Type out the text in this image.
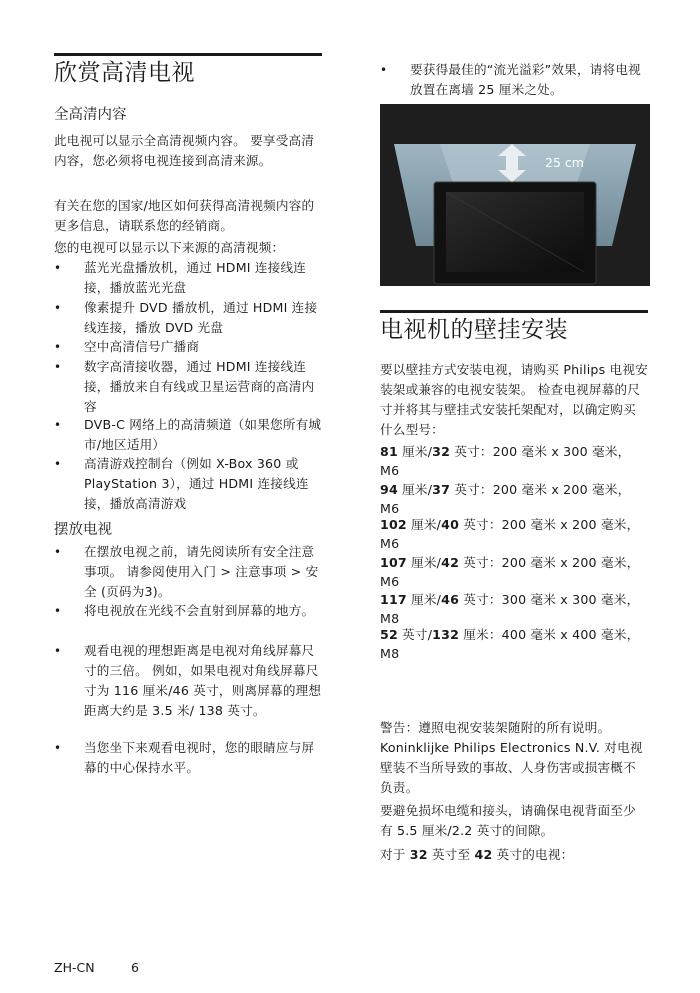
欣赏高清电视
全高清内容
此电视可以显示全高清视频内容。 要享受高清内容，您必须将电视连接到高清来源。
有关在您的国家/地区如何获得高清视频内容的更多信息，请联系您的经销商。
您的电视可以显示以下来源的高清视频：
• 蓝光光盘播放机，通过 HDMI 连接线连接，播放蓝光光盘
• 像素提升 DVD 播放机，通过 HDMI 连接线连接，播放 DVD 光盘
• 空中高清信号广播商
• 数字高清接收器，通过 HDMI 连接线连接，播放来自有线或卫星运营商的高清内容
• DVB-C 网络上的高清频道（如果您所有城市/地区适用）
• 高清游戏控制台（例如 X-Box 360 或 PlayStation 3），通过 HDMI 连接线连接，播放高清游戏
摆放电视
• 在摆放电视之前，请先阅读所有安全注意事项。 请参阅使用入门 > 注意事项 > 安全 (页码为3)。
• 将电视放在光线不会直射到屏幕的地方。
• 观看电视的理想距离是电视对角线屏幕尺寸的三倍。 例如，如果电视对角线屏幕尺寸为 116 厘米/46 英寸，则离屏幕的理想距离大约是 3.5 米/ 138 英寸。
• 当您坐下来观看电视时，您的眼睛应与屏幕的中心保持水平。
• 要获得最佳的“流光溢彩”效果，请将电视放置在离墙 25 厘米之处。
25 cm
电视机的壁挂安装
要以壁挂方式安装电视，请购买 Philips 电视安装架或兼容的电视安装架。 检查电视屏幕的尺寸并将其与壁挂式安装托架配对，以确定购买什么型号：
81 厘米/32 英寸：200 毫米 x 300 毫米，M6
94 厘米/37 英寸：200 毫米 x 200 毫米，M6
102 厘米/40 英寸：200 毫米 x 200 毫米，M6
107 厘米/42 英寸：200 毫米 x 200 毫米，M6
117 厘米/46 英寸：300 毫米 x 300 毫米，M8
52 英寸/132 厘米：400 毫米 x 400 毫米，M8
警告：遵照电视安装架随附的所有说明。 Koninklijke Philips Electronics N.V. 对电视壁装不当所导致的事故、人身伤害或损害概不负责。
要避免损坏电缆和接头，请确保电视背面至少有 5.5 厘米/2.2 英寸的间隙。
对于 32 英寸至 42 英寸的电视：
ZH-CN	6
